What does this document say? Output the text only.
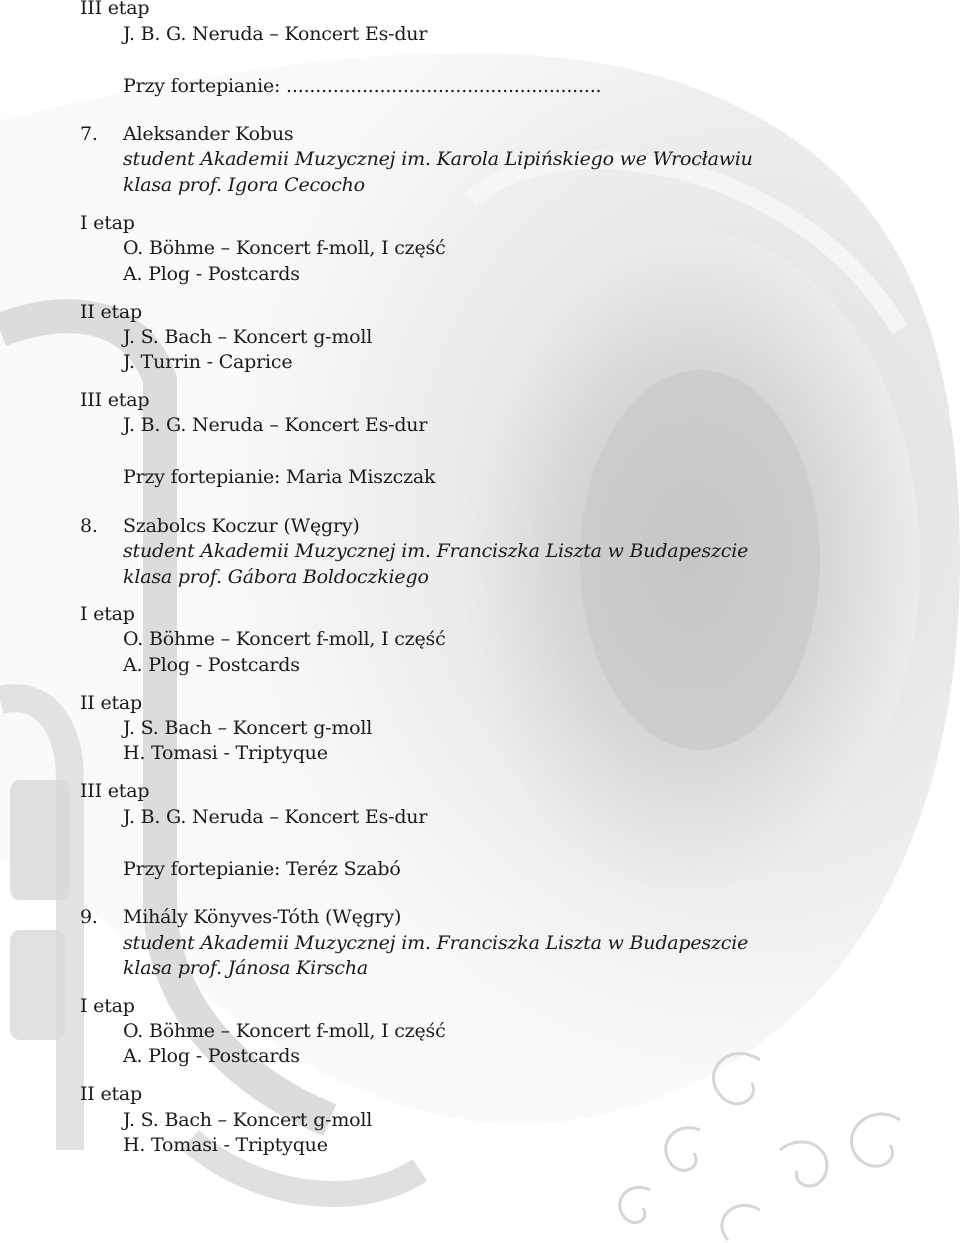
III etap
J. B. G. Neruda – Koncert Es-dur
Przy fortepianie: ......................................................
7. Aleksander Kobus
student Akademii Muzycznej im. Karola Lipińskiego we Wrocławiu
klasa prof. Igora Cecocho
I etap
O. Böhme – Koncert f-moll, I część
A. Plog - Postcards
II etap
J. S. Bach – Koncert g-moll
J. Turrin - Caprice
III etap
J. B. G. Neruda – Koncert Es-dur
Przy fortepianie: Maria Miszczak
8. Szabolcs Koczur (Węgry)
student Akademii Muzycznej im. Franciszka Liszta w Budapeszcie
klasa prof. Gábora Boldoczkiego
I etap
O. Böhme – Koncert f-moll, I część
A. Plog - Postcards
II etap
J. S. Bach – Koncert g-moll
H. Tomasi - Triptyque
III etap
J. B. G. Neruda – Koncert Es-dur
Przy fortepianie: Teréz Szabó
9. Mihály Könyves-Tóth (Węgry)
student Akademii Muzycznej im. Franciszka Liszta w Budapeszcie
klasa prof. Jánosa Kirscha
I etap
O. Böhme – Koncert f-moll, I część
A. Plog - Postcards
II etap
J. S. Bach – Koncert g-moll
H. Tomasi - Triptyque
